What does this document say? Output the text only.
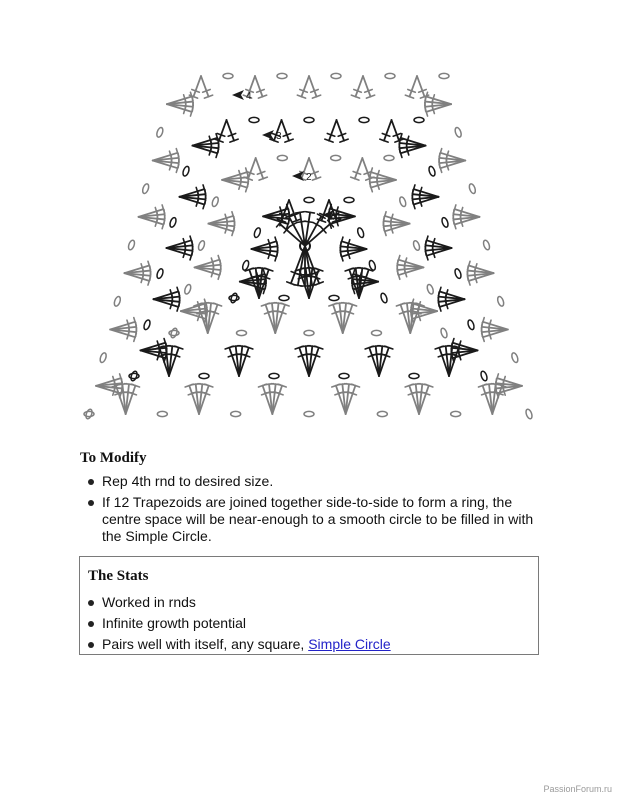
4
3
2
1
To Modify
Rep 4th rnd to desired size.
If 12 Trapezoids are joined together side-to-side to form a ring, the centre space will be near-enough to a smooth circle to be filled in with the Simple Circle.
The Stats
Worked in rnds
Infinite growth potential
Pairs well with itself, any square, Simple Circle
PassionForum.ru
